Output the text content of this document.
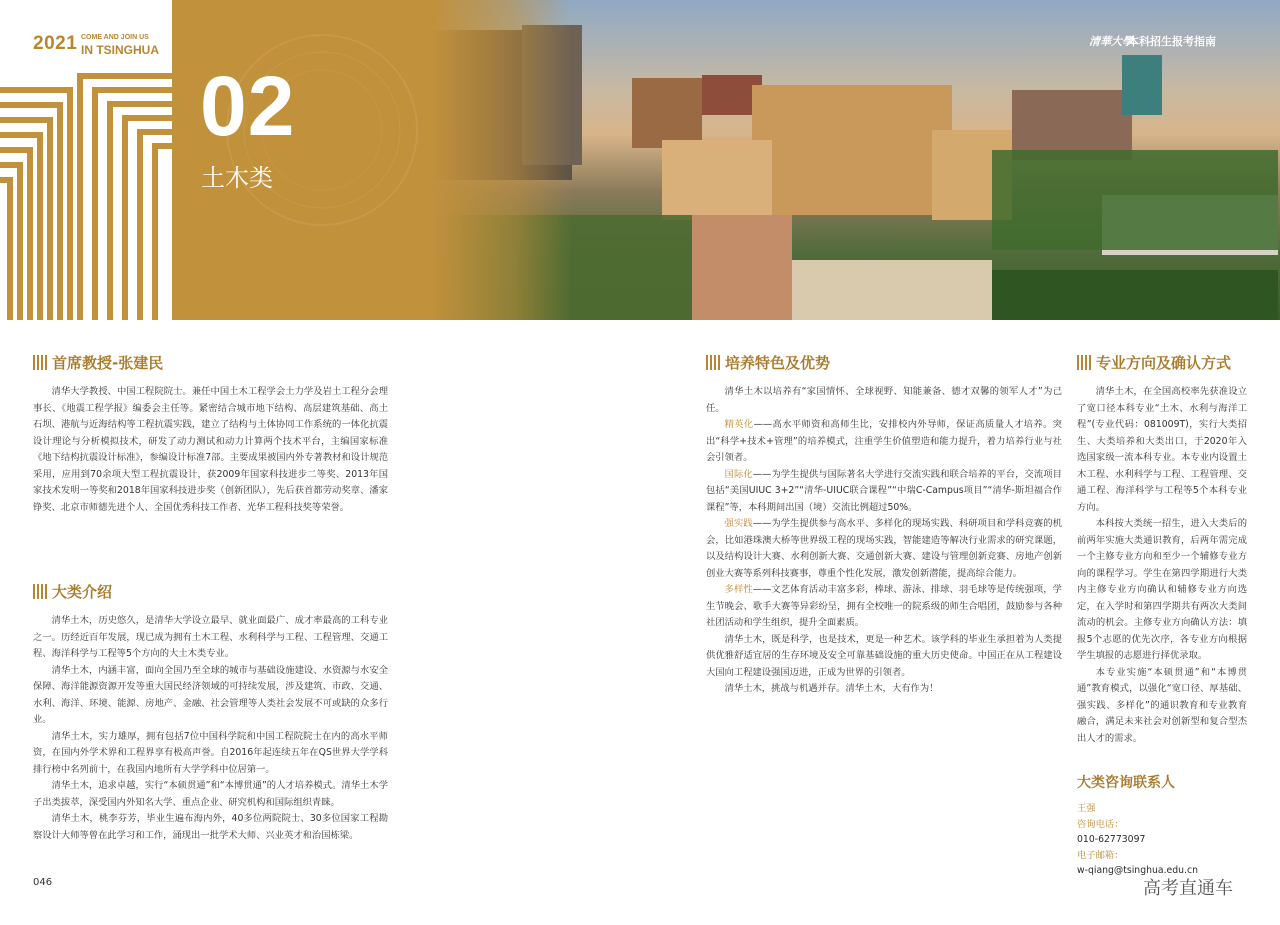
2021 COME AND JOIN US
IN TSINGHUA
02
土木类
清華大學
本科招生报考指南
首席教授-张建民

清华大学教授、中国工程院院士。兼任中国土木工程学会土力学及岩土工程分会理事长、《地震工程学报》编委会主任等。紧密结合城市地下结构、高层建筑基础、高土石坝、港航与近海结构等工程抗震实践，建立了结构与土体协同工作系统的一体化抗震设计理论与分析模拟技术，研发了动力测试和动力计算两个技术平台，主编国家标准《地下结构抗震设计标准》，参编设计标准7部。主要成果被国内外专著教材和设计规范采用，应用到70余项大型工程抗震设计，获2009年国家科技进步二等奖、2013年国家技术发明一等奖和2018年国家科技进步奖（创新团队），先后获首都劳动奖章、潘家铮奖、北京市师德先进个人、全国优秀科技工作者、光华工程科技奖等荣誉。

大类介绍

清华土木，历史悠久，是清华大学设立最早、就业面最广、成才率最高的工科专业之一。历经近百年发展，现已成为拥有土木工程、水利科学与工程、工程管理、交通工程、海洋科学与工程等5个方向的大土木类专业。

清华土木，内涵丰富，面向全国乃至全球的城市与基础设施建设、水资源与水安全保障、海洋能源资源开发等重大国民经济领域的可持续发展，涉及建筑、市政、交通、水利、海洋、环境、能源、房地产、金融、社会管理等人类社会发展不可或缺的众多行业。

清华土木，实力雄厚，拥有包括7位中国科学院和中国工程院院士在内的高水平师资，在国内外学术界和工程界享有极高声誉。自2016年起连续五年在QS世界大学学科排行榜中名列前十，在我国内地所有大学学科中位居第一。

清华土木，追求卓越，实行“本硕贯通”和“本博贯通”的人才培养模式。清华土木学子出类拔萃，深受国内外知名大学、重点企业、研究机构和国际组织青睐。

清华土木，桃李芬芳，毕业生遍布海内外，40多位两院院士、30多位国家工程勘察设计大师等曾在此学习和工作，涌现出一批学术大师、兴业英才和治国栋梁。

培养特色及优势

清华土木以培养有“家国情怀、全球视野、知能兼备、德才双馨的领军人才”为己任。

精英化——高水平师资和高师生比，安排校内外导师，保证高质量人才培养。突出“科学+技术+管理”的培养模式，注重学生价值塑造和能力提升，着力培养行业与社会引领者。

国际化——为学生提供与国际著名大学进行交流实践和联合培养的平台，交流项目包括“美国UIUC 3+2”“清华-UIUC联合课程”“中瑞C-Campus项目”“清华-斯坦福合作课程”等，本科期间出国（境）交流比例超过50%。

强实践——为学生提供参与高水平、多样化的现场实践、科研项目和学科竞赛的机会，比如港珠澳大桥等世界级工程的现场实践，智能建造等解决行业需求的研究课题，以及结构设计大赛、水利创新大赛、交通创新大赛、建设与管理创新竞赛、房地产创新创业大赛等系列科技赛事，尊重个性化发展，激发创新潜能，提高综合能力。

多样性——文艺体育活动丰富多彩，棒球、游泳、排球、羽毛球等是传统强项，学生节晚会、歌手大赛等异彩纷呈，拥有全校唯一的院系级的师生合唱团，鼓励参与各种社团活动和学生组织，提升全面素质。

清华土木，既是科学，也是技术，更是一种艺术。该学科的毕业生承担着为人类提供优雅舒适宜居的生存环境及安全可靠基础设施的重大历史使命。中国正在从工程建设大国向工程建设强国迈进，正成为世界的引领者。

清华土木，挑战与机遇并存。清华土木，大有作为！

专业方向及确认方式

清华土木，在全国高校率先获准设立了宽口径本科专业“土木、水利与海洋工程”(专业代码：081009T)，实行大类招生、大类培养和大类出口，于2020年入选国家级一流本科专业。本专业内设置土木工程、水利科学与工程、工程管理、交通工程、海洋科学与工程等5个本科专业方向。

本科按大类统一招生，进入大类后的前两年实施大类通识教育，后两年需完成一个主修专业方向和至少一个辅修专业方向的课程学习。学生在第四学期进行大类内主修专业方向确认和辅修专业方向选定，在入学时和第四学期共有两次大类间流动的机会。主修专业方向确认方法：填报5个志愿的优先次序，各专业方向根据学生填报的志愿进行择优录取。

本专业实施“本硕贯通”和“本博贯通”教育模式，以强化“宽口径、厚基础、强实践、多样化”的通识教育和专业教育融合，满足未来社会对创新型和复合型杰出人才的需求。

大类咨询联系人
王强
咨询电话：
010-62773097
电子邮箱：
w-qiang@tsinghua.edu.cn
046	高考直通车
